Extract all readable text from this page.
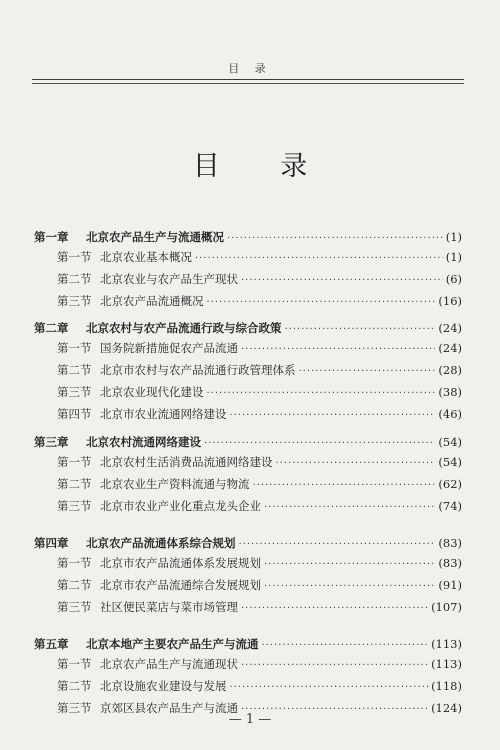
目 录
目 录
第一章	北京农产品生产与流通概况 ·····	(1)
第一节 北京农业基本概况 ·····	(1)
第二节 北京农业与农产品生产现状 ·····	(6)
第三节 北京农产品流通概况 ·····	(16)
第二章	北京农村与农产品流通行政与综合政策 ·····	(24)
第一节 国务院新措施促农产品流通 ·····	(24)
第二节 北京市农村与农产品流通行政管理体系 ·····	(28)
第三节 北京农业现代化建设 ·····	(38)
第四节 北京市农业流通网络建设 ·····	(46)
第三章	北京农村流通网络建设 ·····	(54)
第一节 北京农村生活消费品流通网络建设 ·····	(54)
第二节 北京农业生产资料流通与物流 ·····	(62)
第三节 北京市农业产业化重点龙头企业 ·····	(74)
第四章	北京农产品流通体系综合规划 ·····	(83)
第一节 北京市农产品流通体系发展规划 ·····	(83)
第二节 北京市农产品流通综合发展规划 ·····	(91)
第三节 社区便民菜店与菜市场管理 ·····	(107)
第五章	北京本地产主要农产品生产与流通 ·····	(113)
第一节 北京农产品生产与流通现状 ·····	(113)
第二节 北京设施农业建设与发展 ·····	(118)
第三节 京郊区县农产品生产与流通 ·····	(124)
— 1 —
